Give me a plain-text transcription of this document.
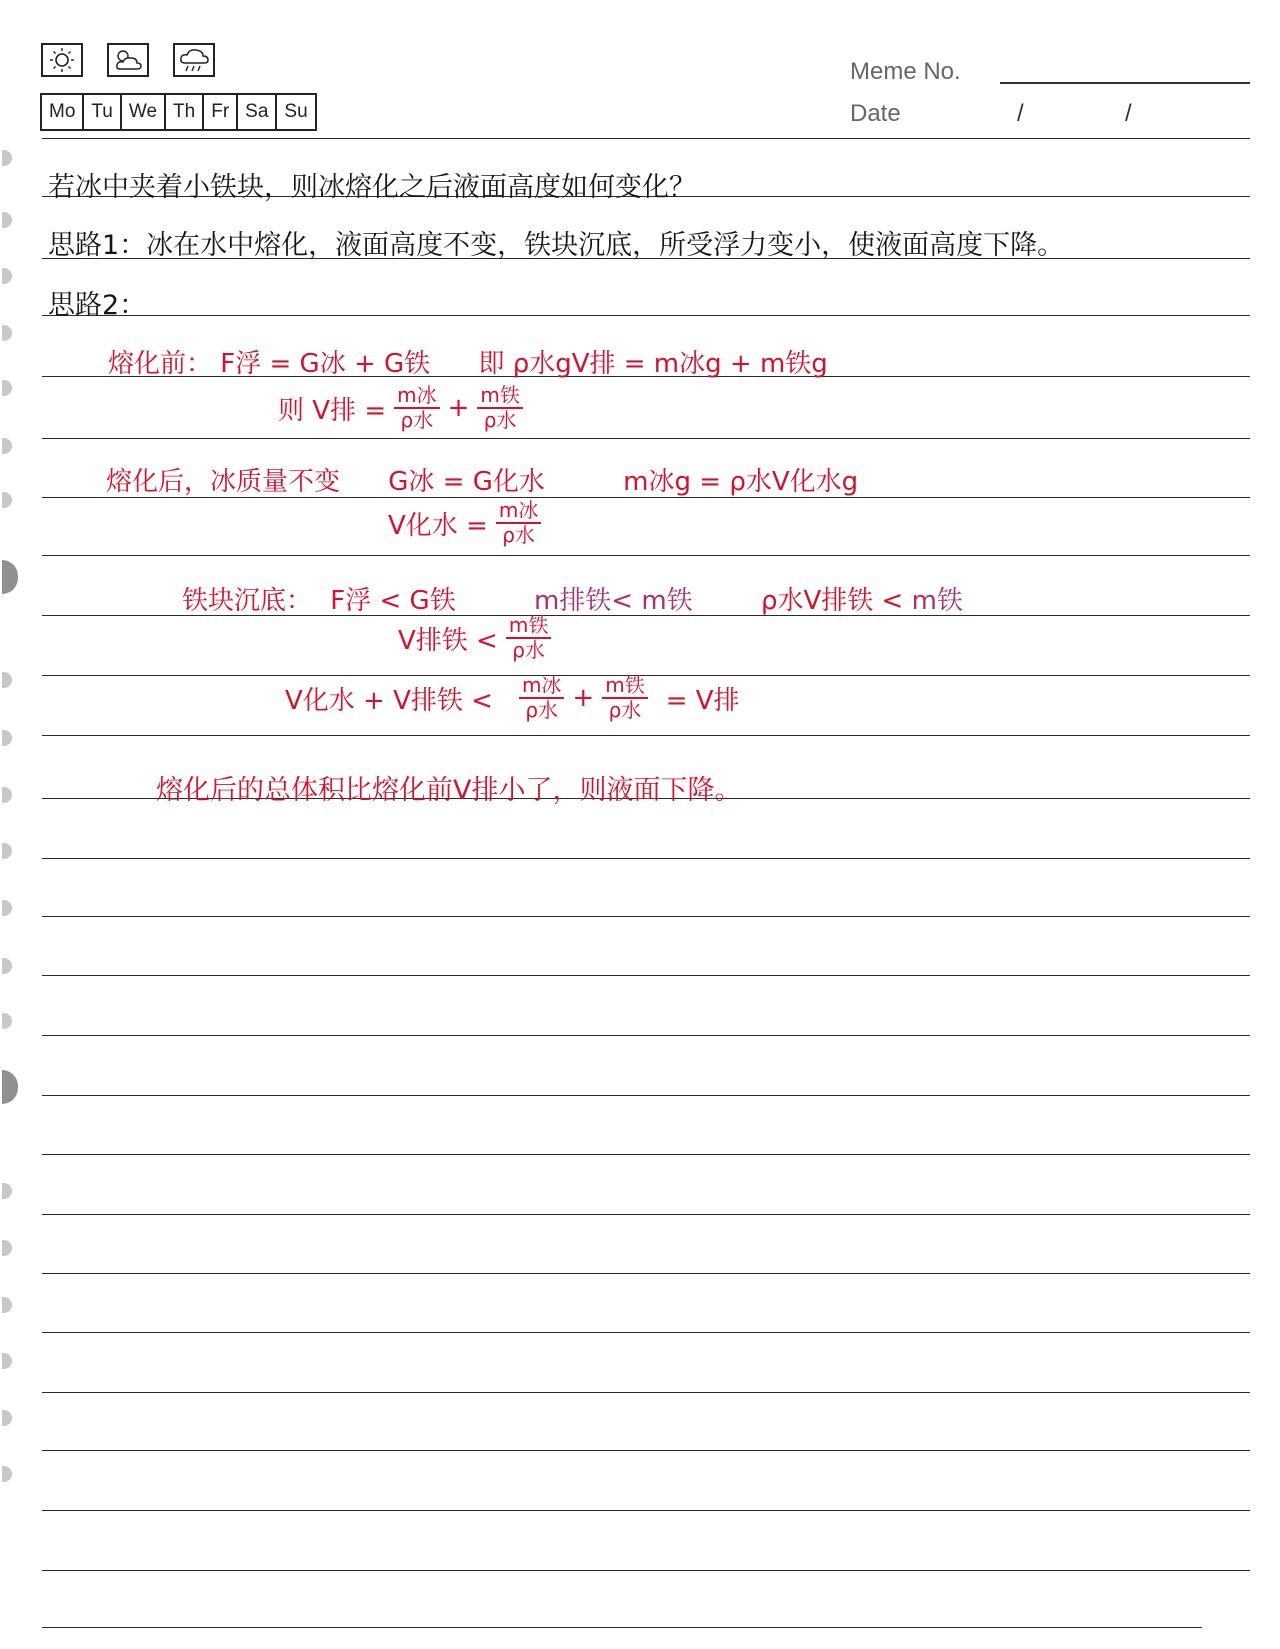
Mo Tu We Th Fr Sa Su
Meme No.
Date	/	/
若冰中夹着小铁块，则冰熔化之后液面高度如何变化？
思路1：冰在水中熔化，液面高度不变，铁块沉底，所受浮力变小，使液面高度下降。
思路2：
熔化前： F浮 = G冰 + G铁 即 ρ水gV排 = m冰g + m铁g
则 V排 = $\frac{\text{m冰}}{\text{ρ水}} + \frac{\text{m铁}}{\text{ρ水}}$
熔化后，冰质量不变 G冰 = G化水	m冰g = ρ水V化水g
V化水 = $\frac{\text{m冰}}{\text{ρ水}}$
铁块沉底： F浮 < G铁	m排铁< m铁	ρ水V排铁 < m铁
V排铁 < $\frac{\text{m铁}}{\text{ρ水}}$
V化水 + V排铁 < $\frac{\text{m冰}}{\text{ρ水}} + \frac{\text{m铁}}{\text{ρ水}} = V$排
熔化后的总体积比熔化前V排小了，则液面下降。
